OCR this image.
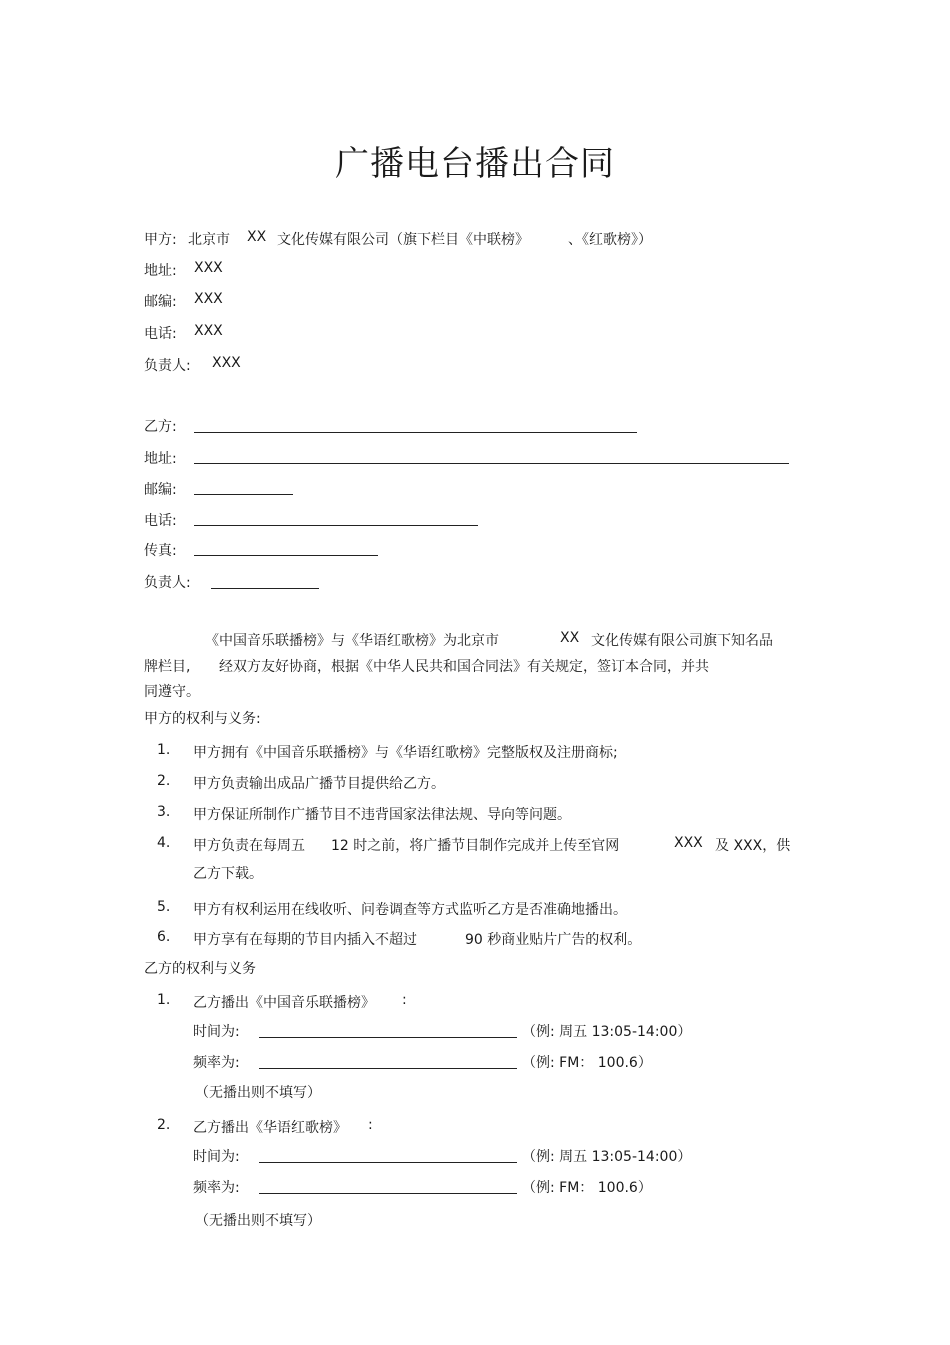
广播电台播出合同
甲方: 北京市 XX 文化传媒有限公司（旗下栏目《中联榜》	、《红歌榜》）
地址: XXX
邮编: XXX
电话: XXX
负责人: XXX
乙方:
地址:
邮编:
电话:
传真:
负责人:
《中国音乐联播榜》与《华语红歌榜》为北京市	XX 文化传媒有限公司旗下知名品
牌栏目, 经双方友好协商，根据《中华人民共和国合同法》有关规定，签订本合同，并共
同遵守。
甲方的权利与义务:
1. 甲方拥有《中国音乐联播榜》与《华语红歌榜》完整版权及注册商标;
2. 甲方负责输出成品广播节目提供给乙方。
3. 甲方保证所制作广播节目不违背国家法律法规、导向等问题。
4. 甲方负责在每周五 12 时之前，将广播节目制作完成并上传至官网	XXX 及 XXX，供
乙方下载。
5. 甲方有权利运用在线收听、问卷调查等方式监听乙方是否准确地播出。
6. 甲方享有在每期的节目内插入不超过	90 秒商业贴片广告的权利。
乙方的权利与义务
1. 乙方播出《中国音乐联播榜》 :
时间为:	（例: 周五 13:05-14:00）
频率为:	（例: FM： 100.6）
（无播出则不填写）
2. 乙方播出《华语红歌榜》 :
时间为:	（例: 周五 13:05-14:00）
频率为:	（例: FM： 100.6）
（无播出则不填写）
